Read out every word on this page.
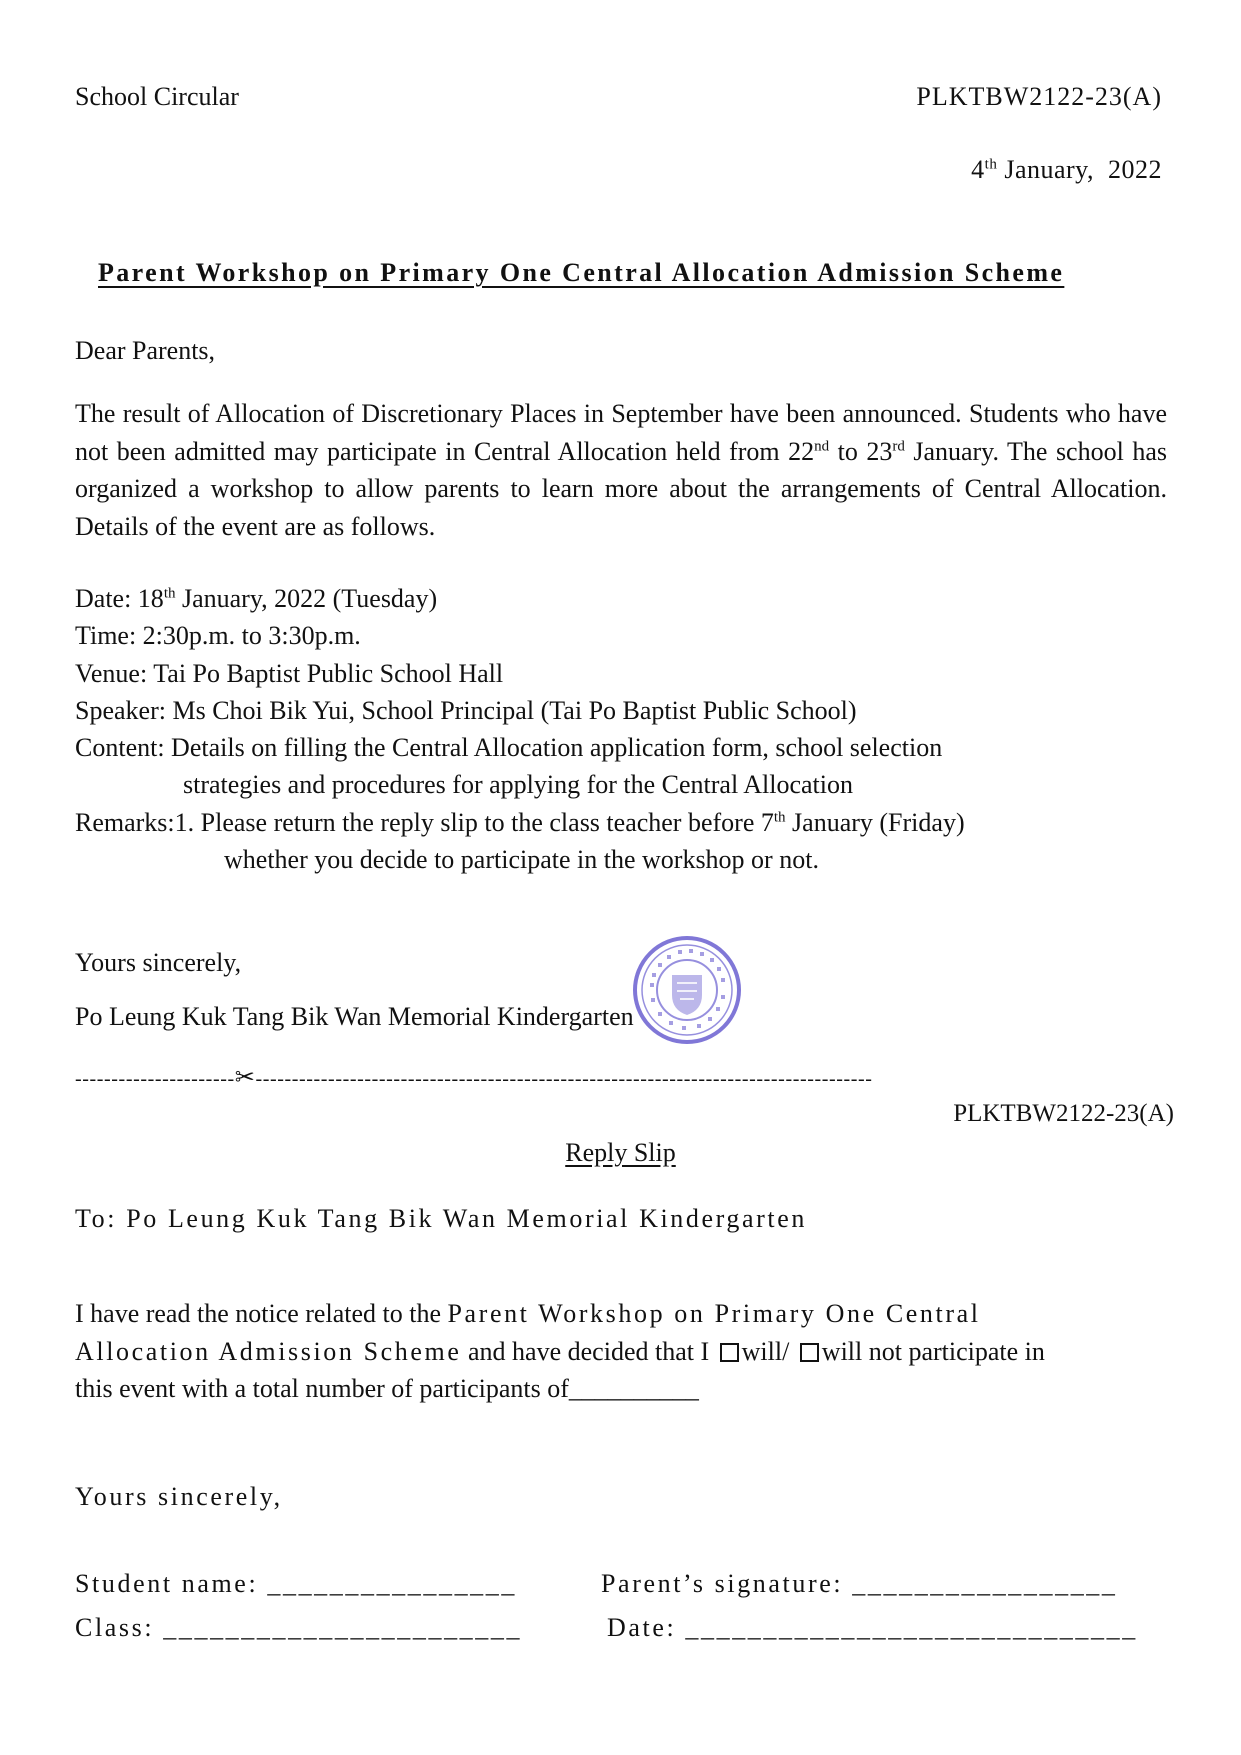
School Circular	PLKTBW2122-23(A)
4th January,  2022
Parent Workshop on Primary One Central Allocation Admission Scheme
Dear Parents,
The result of Allocation of Discretionary Places in September have been announced. Students who have not been admitted may participate in Central Allocation held from 22nd to 23rd January. The school has organized a workshop to allow parents to learn more about the arrangements of Central Allocation. Details of the event are as follows.
Date: 18th January, 2022 (Tuesday)
Time: 2:30p.m. to 3:30p.m.
Venue: Tai Po Baptist Public School Hall
Speaker: Ms Choi Bik Yui, School Principal (Tai Po Baptist Public School)
Content: Details on filling the Central Allocation application form, school selection
strategies and procedures for applying for the Central Allocation
Remarks:1. Please return the reply slip to the class teacher before 7th January (Friday)
whether you decide to participate in the workshop or not.
Yours sincerely,
Po Leung Kuk Tang Bik Wan Memorial Kindergarten
----------------------✂-------------------------------------------------------------------------------------
PLKTBW2122-23(A)
Reply Slip
To: Po Leung Kuk Tang Bik Wan Memorial Kindergarten
I have read the notice related to the Parent Workshop on Primary One Central
Allocation Admission Scheme and have decided that I will/ will not participate in
this event with a total number of participants of__________
Yours sincerely,
Student name: ________________	Parent’s signature: _________________
Class: _______________________	Date: _____________________________
